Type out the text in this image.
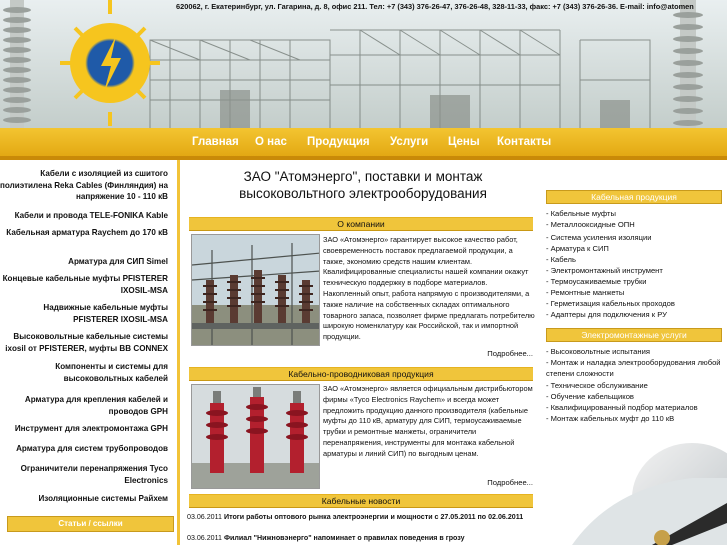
620062, г. Екатеринбург, ул. Гагарина, д. 8, офис 211. Тел: +7 (343) 376-26-47, 376-26-48, 328-11-33, факс: +7 (343) 376-26-36. E-mail: info@atomen
Главная О нас Продукция Услуги Цены Контакты
Кабели с изоляцией из сшитого полиэтилена Reka Cables (Финляндия) на напряжение 10 - 110 кВ
Кабели и провода TELE-FONIKA Kable
Кабельная арматура Raychem до 170 кВ
Арматура для СИП Simel
Концевые кабельные муфты PFISTERER IXOSIL-MSA
Надвижные кабельные муфты PFISTERER IXOSIL-MSA
Высоковольтные кабельные системы ixosil от PFISTERER, муфты ВВ CONNEX
Компоненты и системы для высоковольтных кабелей
Арматура для крепления кабелей и проводов GPH
Инструмент для электромонтажа GPH
Арматура для систем трубопроводов
Ограничители перенапряжения Tyco Electronics
Изоляционные системы Райхем
Статьи / ссылки
ЗАО "Атомэнерго", поставки и монтаж высоковольтного электрооборудования
О компании
ЗАО «Атомэнерго» гарантирует высокое качество работ, своевременность поставок предлагаемой продукции, а также, экономию средств нашим клиентам. Квалифицированные специалисты нашей компании окажут техническую поддержку в подборе материалов. Накопленный опыт, работа напрямую с производителями, а также наличие на собственных складах оптимального товарного запаса, позволяет фирме предлагать потребителю широкую номенклатуру как Российской, так и импортной продукции.
Подробнее...
Кабельно-проводниковая продукция
ЗАО «Атомэнерго» является официальным дистрибьютором фирмы «Tyco Electronics Raychem» и всегда может предложить продукцию данного производителя (кабельные муфты до 110 кВ, арматуру для СИП, термоусаживаемые трубки и ремонтные манжеты, ограничители перенапряжения, инструменты для монтажа кабельной арматуры и линий СИП) по выгодным ценам.
Подробнее...
Кабельные новости
03.06.2011 Итоги работы оптового рынка электроэнергии и мощности с 27.05.2011 по 02.06.2011
03.06.2011 Филиал "Нижновэнерго" напоминает о правилах поведения в грозу
Кабельная продукция
- Кабельные муфты
- Металлооксидные ОПН
- Система усиления изоляции
- Арматура к СИП
- Кабель
- Электромонтажный инструмент
- Термоусаживаемые трубки
- Ремонтные манжеты
- Герметизация кабельных проходов
- Адаптеры для подключения к РУ
Электромонтажные услуги
- Высоковольтные испытания
- Монтаж и наладка электрооборудования любой степени сложности
- Техническое обслуживание
- Обучение кабельщиков
- Квалифицированный подбор материалов
- Монтаж кабельных муфт до 110 кВ
